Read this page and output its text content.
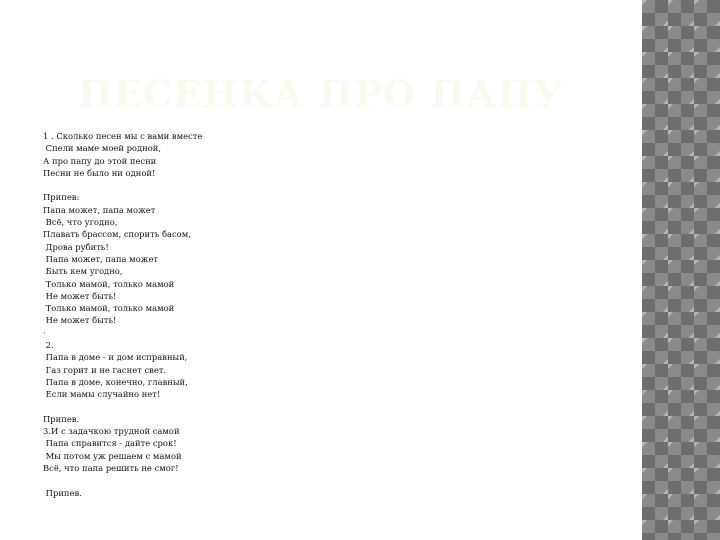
ПЕСЕНКА ПРО ПАПУ
1 . Сколько песен мы с вами вместе
Спели маме моей родной,
А про папу до этой песни
Песни не было ни одной!
Припев:
Папа может, папа может
Всё, что угодно,
Плавать брассом, спорить басом,
Дрова рубить!
Папа может, папа может
Быть кем угодно,
Только мамой, только мамой
Не может быть!
Только мамой, только мамой
Не может быть!
·
2.
Папа в доме - и дом исправный,
Газ горит и не гаснет свет.
Папа в доме, конечно, главный,
Если мамы случайно нет!
Припев.
3.И с задачкою трудной самой
Папа справится - дайте срок!
Мы потом уж решаем с мамой
Всё, что папа решить не смог!
Припев.
